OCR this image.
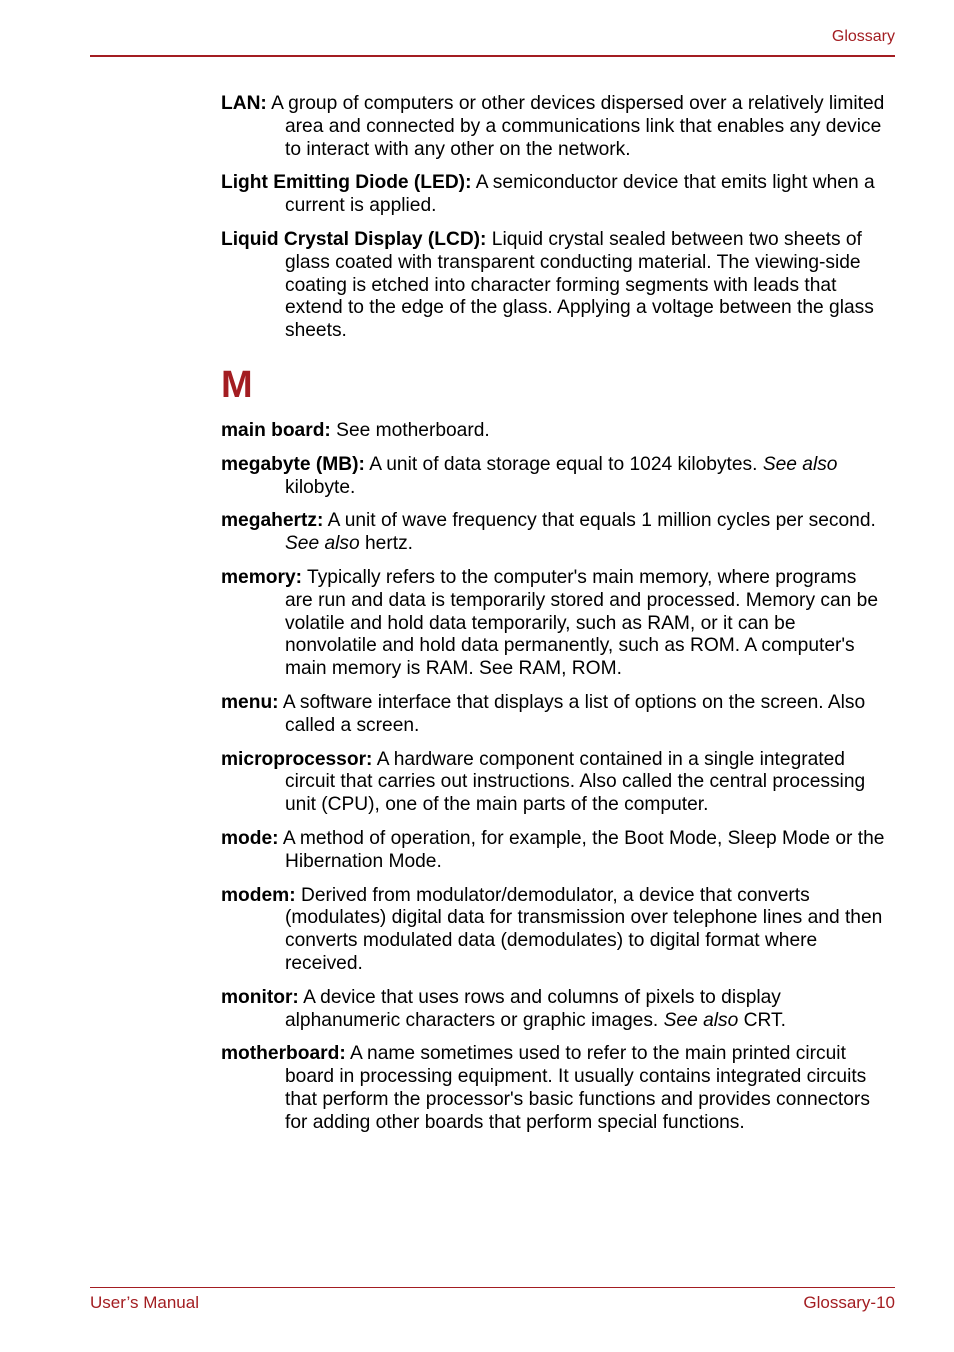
Glossary

LAN: A group of computers or other devices dispersed over a relatively limited area and connected by a communications link that enables any device to interact with any other on the network.

Light Emitting Diode (LED): A semiconductor device that emits light when a current is applied.

Liquid Crystal Display (LCD): Liquid crystal sealed between two sheets of glass coated with transparent conducting material. The viewing-side coating is etched into character forming segments with leads that extend to the edge of the glass. Applying a voltage between the glass sheets.

M

main board: See motherboard.

megabyte (MB): A unit of data storage equal to 1024 kilobytes. See also kilobyte.

megahertz: A unit of wave frequency that equals 1 million cycles per second. See also hertz.

memory: Typically refers to the computer's main memory, where programs are run and data is temporarily stored and processed. Memory can be volatile and hold data temporarily, such as RAM, or it can be nonvolatile and hold data permanently, such as ROM. A computer's main memory is RAM. See RAM, ROM.

menu: A software interface that displays a list of options on the screen. Also called a screen.

microprocessor: A hardware component contained in a single integrated circuit that carries out instructions. Also called the central processing unit (CPU), one of the main parts of the computer.

mode: A method of operation, for example, the Boot Mode, Sleep Mode or the Hibernation Mode.

modem: Derived from modulator/demodulator, a device that converts (modulates) digital data for transmission over telephone lines and then converts modulated data (demodulates) to digital format where received.

monitor: A device that uses rows and columns of pixels to display alphanumeric characters or graphic images. See also CRT.

motherboard: A name sometimes used to refer to the main printed circuit board in processing equipment. It usually contains integrated circuits that perform the processor's basic functions and provides connectors for adding other boards that perform special functions.

User’s Manual	Glossary-10
